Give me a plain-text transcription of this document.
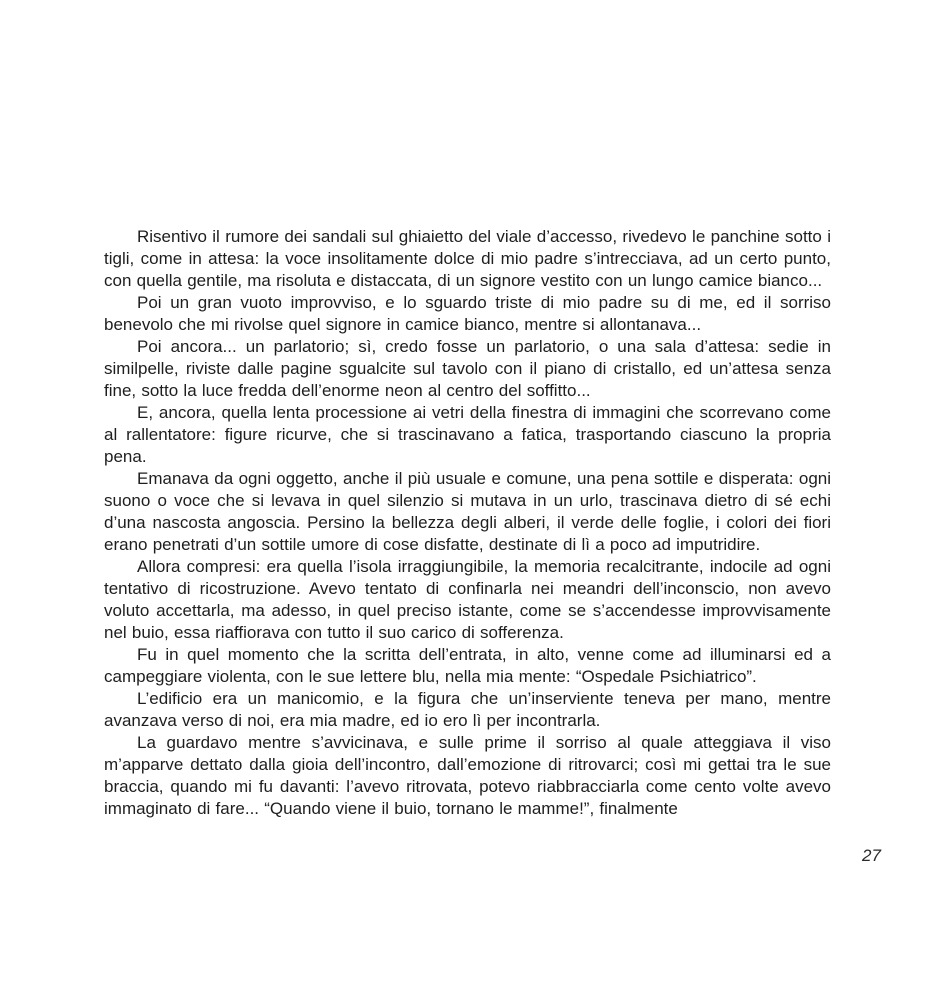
Risentivo il rumore dei sandali sul ghiaietto del viale d’accesso, rivedevo le panchine sotto i tigli, come in attesa: la voce insolitamente dolce di mio padre s’intrecciava, ad un certo punto, con quella gentile, ma risoluta e distaccata, di un signore vestito con un lungo camice bianco...

Poi un gran vuoto improvviso, e lo sguardo triste di mio padre su di me, ed il sorriso benevolo che mi rivolse quel signore in camice bianco, mentre si allontanava...

Poi ancora... un parlatorio; sì, credo fosse un parlatorio, o una sala d’attesa: sedie in similpelle, riviste dalle pagine sgualcite sul tavolo con il piano di cristallo, ed un’attesa senza fine, sotto la luce fredda dell’enorme neon al centro del soffitto...

E, ancora, quella lenta processione ai vetri della finestra di immagini che scorrevano come al rallentatore: figure ricurve, che si trascinavano a fatica, trasportando ciascuno la propria pena.

Emanava da ogni oggetto, anche il più usuale e comune, una pena sottile e disperata: ogni suono o voce che si levava in quel silenzio si mutava in un urlo, trascinava dietro di sé echi d’una nascosta angoscia. Persino la bellezza degli alberi, il verde delle foglie, i colori dei fiori erano penetrati d’un sottile umore di cose disfatte, destinate di lì a poco ad imputridire.

Allora compresi: era quella l’isola irraggiungibile, la memoria recalcitrante, indocile ad ogni tentativo di ricostruzione. Avevo tentato di confinarla nei meandri dell’inconscio, non avevo voluto accettarla, ma adesso, in quel preciso istante, come se s’accendesse improvvisamente nel buio, essa riaffiorava con tutto il suo carico di sofferenza.

Fu in quel momento che la scritta dell’entrata, in alto, venne come ad illuminarsi ed a campeggiare violenta, con le sue lettere blu, nella mia mente: “Ospedale Psichiatrico”.

L’edificio era un manicomio, e la figura che un’inserviente teneva per mano, mentre avanzava verso di noi, era mia madre, ed io ero lì per incontrarla.

La guardavo mentre s’avvicinava, e sulle prime il sorriso al quale atteggiava il viso m’apparve dettato dalla gioia dell’incontro, dall’emozione di ritrovarci; così mi gettai tra le sue braccia, quando mi fu davanti: l’avevo ritrovata, potevo riabbracciarla come cento volte avevo immaginato di fare... “Quando viene il buio, tornano le mamme!”, finalmente

27
